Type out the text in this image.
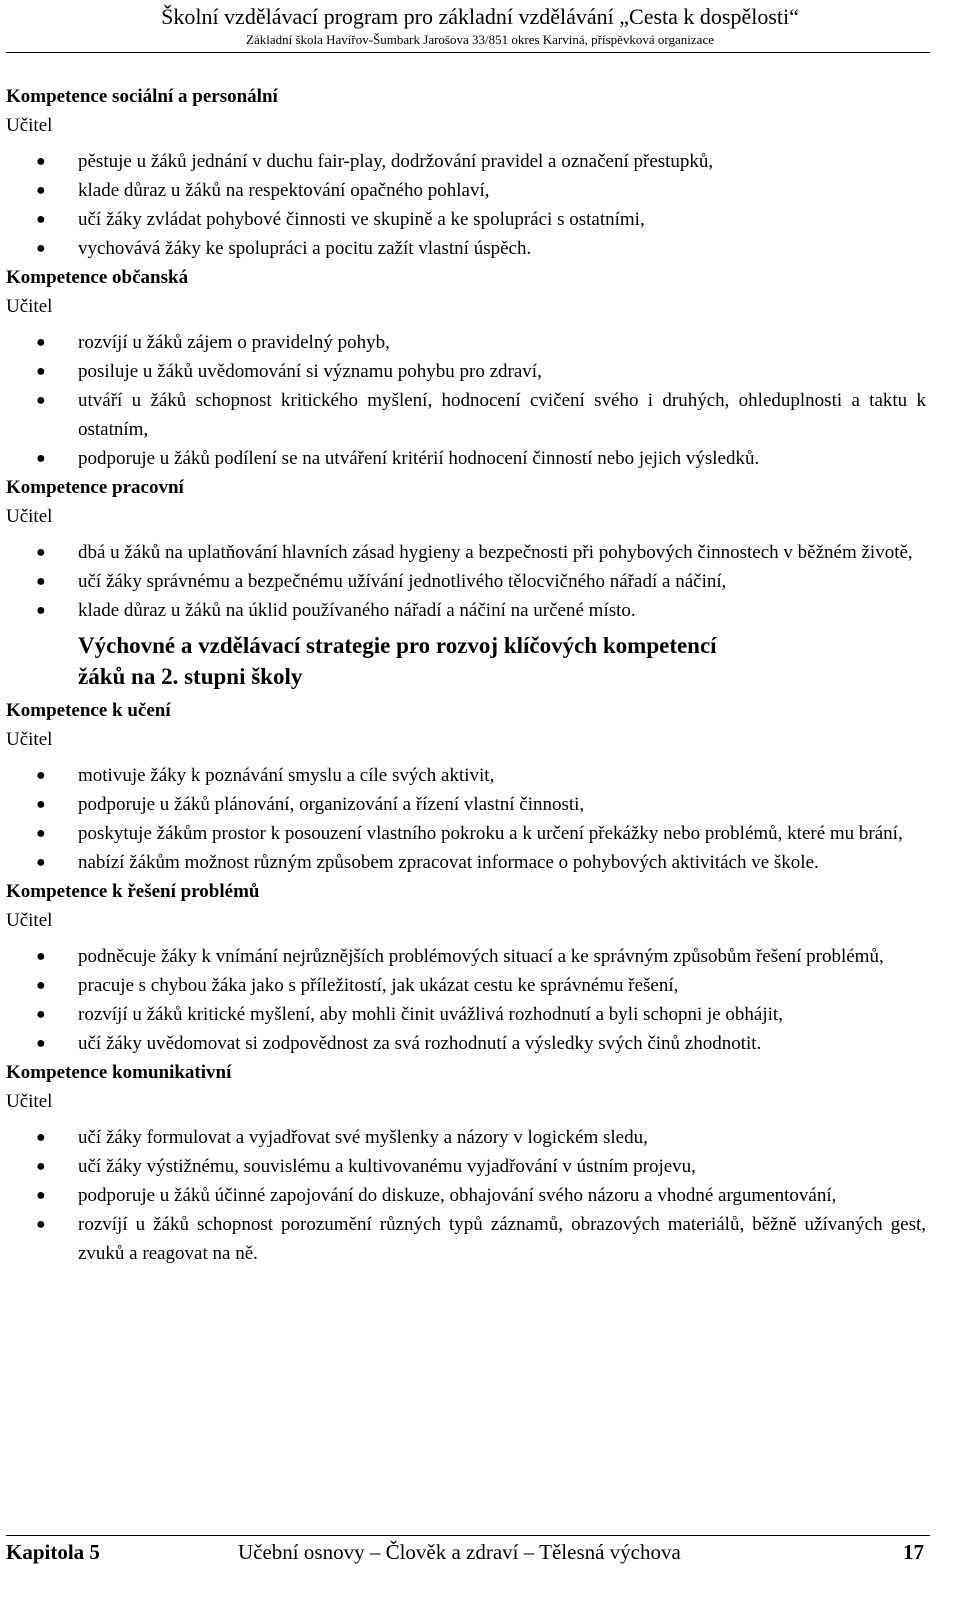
Školní vzdělávací program pro základní vzdělávání „Cesta k dospělosti“
Základní škola Havířov-Šumbark Jarošova 33/851 okres Karviná, příspěvková organizace

Kompetence sociální a personální

Učitel

● pěstuje u žáků jednání v duchu fair-play, dodržování pravidel a označení přestupků,
● klade důraz u žáků na respektování opačného pohlaví,
● učí žáky zvládat pohybové činnosti ve skupině a ke spolupráci s ostatními,
● vychovává žáky ke spolupráci a pocitu zažít vlastní úspěch.

Kompetence občanská

Učitel

● rozvíjí u žáků zájem o pravidelný pohyb,
● posiluje u žáků uvědomování si významu pohybu pro zdraví,
● utváří u žáků schopnost kritického myšlení, hodnocení cvičení svého i druhých, ohleduplnosti a taktu k ostatním,
● podporuje u žáků podílení se na utváření kritérií hodnocení činností nebo jejich výsledků.

Kompetence pracovní

Učitel

● dbá u žáků na uplatňování hlavních zásad hygieny a bezpečnosti při pohybových činnostech v běžném životě,
● učí žáky správnému a bezpečnému užívání jednotlivého tělocvičného nářadí a náčiní,
● klade důraz u žáků na úklid používaného nářadí a náčiní na určené místo.
Výchovné a vzdělávací strategie pro rozvoj klíčových kompetencí
žáků na 2. stupni školy

Kompetence k učení

Učitel

● motivuje žáky k poznávání smyslu a cíle svých aktivit,
● podporuje u žáků plánování, organizování a řízení vlastní činnosti,
● poskytuje žákům prostor k posouzení vlastního pokroku a k určení překážky nebo problémů, které mu brání,
● nabízí žákům možnost různým způsobem zpracovat informace o pohybových aktivitách ve škole.

Kompetence k řešení problémů

Učitel

● podněcuje žáky k vnímání nejrůznějších problémových situací a ke správným způsobům řešení problémů,
● pracuje s chybou žáka jako s příležitostí, jak ukázat cestu ke správnému řešení,
● rozvíjí u žáků kritické myšlení, aby mohli činit uvážlivá rozhodnutí a byli schopni je obhájit,
● učí žáky uvědomovat si zodpovědnost za svá rozhodnutí a výsledky svých činů zhodnotit.

Kompetence komunikativní

Učitel

● učí žáky formulovat a vyjadřovat své myšlenky a názory v logickém sledu,
● učí žáky výstižnému, souvislému a kultivovanému vyjadřování v ústním projevu,
● podporuje u žáků účinné zapojování do diskuze, obhajování svého názoru a vhodné argumentování,
● rozvíjí u žáků schopnost porozumění různých typů záznamů, obrazových materiálů, běžně užívaných gest, zvuků a reagovat na ně.
Kapitola 5	Učební osnovy – Člověk a zdraví – Tělesná výchova	17
